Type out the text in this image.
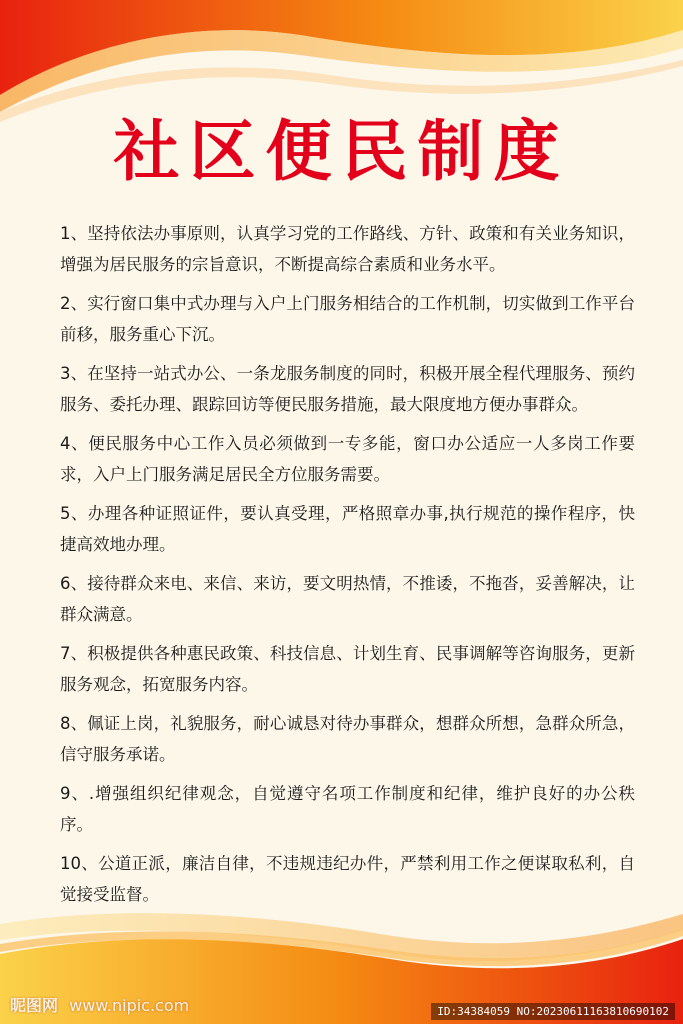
社区便民制度
1、坚持依法办事原则，认真学习党的工作路线、方针、政策和有关业务知识，增强为居民服务的宗旨意识，不断提高综合素质和业务水平。
2、实行窗口集中式办理与入户上门服务相结合的工作机制，切实做到工作平台前移，服务重心下沉。
3、在坚持一站式办公、一条龙服务制度的同时，积极开展全程代理服务、预约服务、委托办理、跟踪回访等便民服务措施，最大限度地方便办事群众。
4、便民服务中心工作入员必须做到一专多能，窗口办公适应一人多岗工作要求，入户上门服务满足居民全方位服务需要。
5、办理各种证照证件，要认真受理，严格照章办事,执行规范的操作程序，快捷高效地办理。
6、接待群众来电、来信、来访，要文明热情，不推诿，不拖沓，妥善解决，让群众满意。
7、积极提供各种惠民政策、科技信息、计划生育、民事调解等咨询服务，更新服务观念，拓宽服务内容。
8、佩证上岗，礼貌服务，耐心诚恳对待办事群众，想群众所想，急群众所急，信守服务承诺。
9、.增强组织纪律观念，自觉遵守名项工作制度和纪律，维护良好的办公秩序。
10、公道正派，廉洁自律，不违规违纪办件，严禁利用工作之便谋取私利，自觉接受监督。
昵图网 www.nipic.com	ID:34384059 NO:20230611163810690102
